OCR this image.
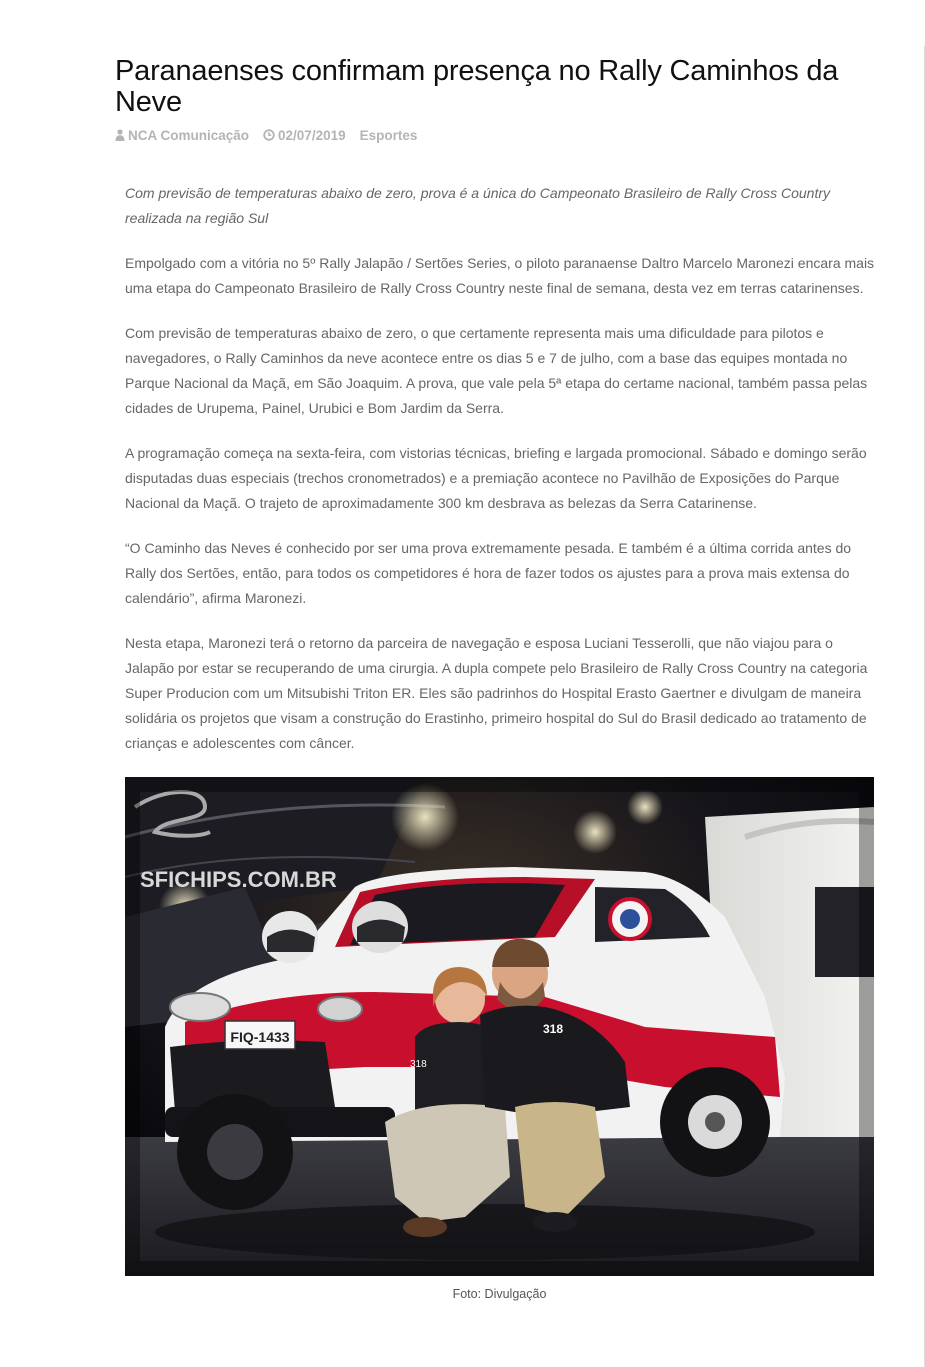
Paranaenses confirmam presença no Rally Caminhos da Neve
NCA Comunicação 02/07/2019 Esportes

Com previsão de temperaturas abaixo de zero, prova é a única do Campeonato Brasileiro de Rally Cross Country realizada na região Sul

Empolgado com a vitória no 5º Rally Jalapão / Sertões Series, o piloto paranaense Daltro Marcelo Maronezi encara mais uma etapa do Campeonato Brasileiro de Rally Cross Country neste final de semana, desta vez em terras catarinenses.

Com previsão de temperaturas abaixo de zero, o que certamente representa mais uma dificuldade para pilotos e navegadores, o Rally Caminhos da neve acontece entre os dias 5 e 7 de julho, com a base das equipes montada no Parque Nacional da Maçã, em São Joaquim. A prova, que vale pela 5ª etapa do certame nacional, também passa pelas cidades de Urupema, Painel, Urubici e Bom Jardim da Serra.

A programação começa na sexta-feira, com vistorias técnicas, briefing e largada promocional. Sábado e domingo serão disputadas duas especiais (trechos cronometrados) e a premiação acontece no Pavilhão de Exposições do Parque Nacional da Maçã. O trajeto de aproximadamente 300 km desbrava as belezas da Serra Catarinense.

“O Caminho das Neves é conhecido por ser uma prova extremamente pesada. E também é a última corrida antes do Rally dos Sertões, então, para todos os competidores é hora de fazer todos os ajustes para a prova mais extensa do calendário”, afirma Maronezi.

Nesta etapa, Maronezi terá o retorno da parceira de navegação e esposa Luciani Tesserolli, que não viajou para o Jalapão por estar se recuperando de uma cirurgia. A dupla compete pelo Brasileiro de Rally Cross Country na categoria Super Producion com um Mitsubishi Triton ER. Eles são padrinhos do Hospital Erasto Gaertner e divulgam de maneira solidária os projetos que visam a construção do Erastinho, primeiro hospital do Sul do Brasil dedicado ao tratamento de crianças e adolescentes com câncer.

SFICHIPS.COM.BR
FIQ-1433
318
318
Foto: Divulgação
